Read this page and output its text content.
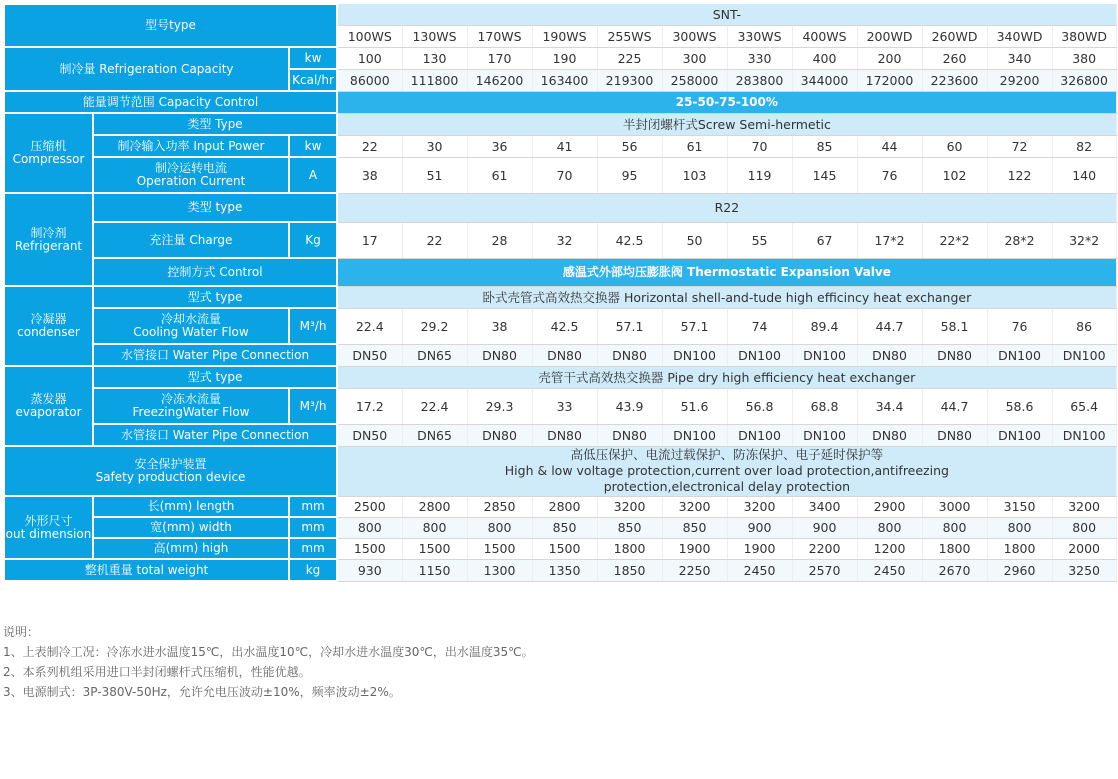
型号type			SNT-											
			100WS	130WS	170WS	190WS	255WS	300WS	330WS	400WS	200WD	260WD	340WD	380WD
制冷量 Refrigeration Capacity		kw	100	130	170	190	225	300	330	400	200	260	340	380
		Kcal/hr	86000	111800	146200	163400	219300	258000	283800	344000	172000	223600	29200	326800
能量调节范围 Capacity Control			25-50-75-100%											

压缩机
Compressor	类型 Type		半封闭螺杆式Screw Semi-hermetic											
	制冷输入功率 Input Power	kw	22	30	36	41	56	61	70	85	44	60	72	82

	制冷运转电流
Operation Current	A	38	51	61	70	95	103	119	145	76	102	122	140

制冷剂
Refrigerant	类型 type		R22											
	充注量 Charge	Kg	17	22	28	32	42.5	50	55	67	17*2	22*2	28*2	32*2
	控制方式 Control		感温式外部均压膨胀阀 Thermostatic Expansion Valve											

冷凝器
condenser	型式 type		卧式壳管式高效热交换器 Horizontal shell-and-tude high efficincy heat exchanger											

	冷却水流量
Cooling Water Flow	M³/h	22.4	29.2	38	42.5	57.1	57.1	74	89.4	44.7	58.1	76	86
	水管接口 Water Pipe Connection		DN50	DN65	DN80	DN80	DN80	DN100	DN100	DN100	DN80	DN80	DN100	DN100

蒸发器
evaporator	型式 type		壳管干式高效热交换器 Pipe dry high efficiency heat exchanger											

	冷冻水流量
FreezingWater Flow	M³/h	17.2	22.4	29.3	33	43.9	51.6	56.8	68.8	34.4	44.7	58.6	65.4
	水管接口 Water Pipe Connection		DN50	DN65	DN80	DN80	DN80	DN100	DN100	DN100	DN80	DN80	DN100	DN100

安全保护装置
Safety production device			高低压保护、电流过载保护、防冻保护、电子延时保护等
High & low voltage protection,current over load protection,antifreezing
protection,electronical delay protection											

外形尺寸
out dimension	长(mm) length	mm	2500	2800	2850	2800	3200	3200	3200	3400	2900	3000	3150	3200
	宽(mm) width	mm	800	800	800	850	850	850	900	900	800	800	800	800
	高(mm) high	mm	1500	1500	1500	1500	1800	1900	1900	2200	1200	1800	1800	2000
整机重量 total weight		kg	930	1150	1300	1350	1850	2250	2450	2570	2450	2670	2960	3250
说明：
1、上表制冷工况：冷冻水进水温度15℃，出水温度10℃，冷却水进水温度30℃，出水温度35℃。
2、本系列机组采用进口半封闭螺杆式压缩机，性能优越。
3、电源制式：3P-380V-50Hz，允许允电压波动±10%，频率波动±2%。
